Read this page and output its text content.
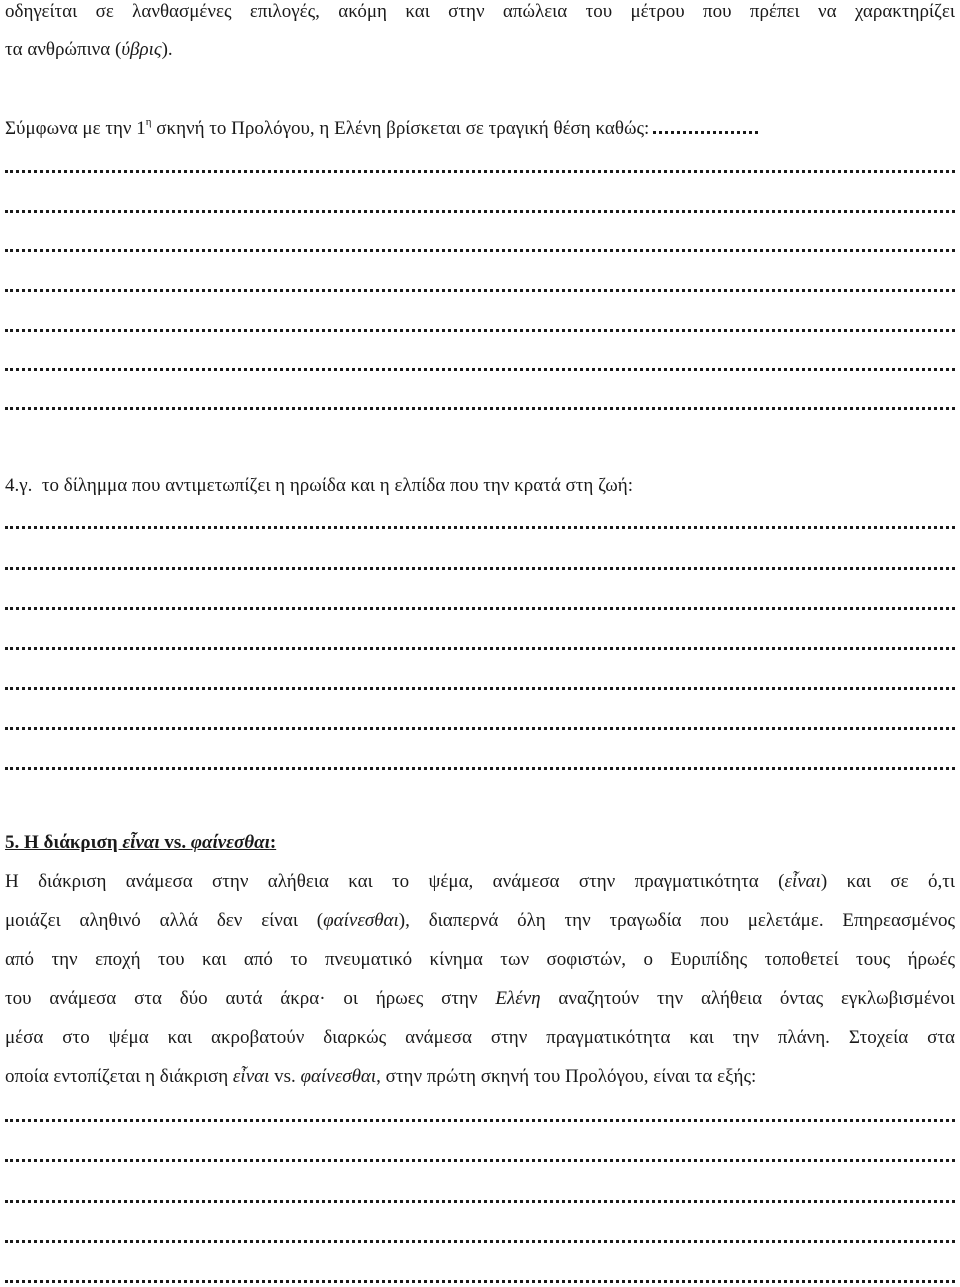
οδηγείται σε λανθασμένες επιλογές, ακόμη και στην απώλεια του μέτρου που πρέπει να χαρακτηρίζει
τα ανθρώπινα (ύβρις).
Σύμφωνα με την $1^\eta$ σκηνή το Προλόγου, η Ελένη βρίσκεται σε τραγική θέση καθώς:
4.γ. το δίλημμα που αντιμετωπίζει η ηρωίδα και η ελπίδα που την κρατά στη ζωή:
5. Η διάκριση εἶναι vs. φαίνεσθαι:
Η διάκριση ανάμεσα στην αλήθεια και το ψέμα, ανάμεσα στην πραγματικότητα (εἶναι) και σε ό,τι
μοιάζει αληθινό αλλά δεν είναι (φαίνεσθαι), διαπερνά όλη την τραγωδία που μελετάμε. Επηρεασμένος
από την εποχή του και από το πνευματικό κίνημα των σοφιστών, ο Ευριπίδης τοποθετεί τους ήρωές
του ανάμεσα στα δύο αυτά άκρα· οι ήρωες στην Ελένη αναζητούν την αλήθεια όντας εγκλωβισμένοι
μέσα στο ψέμα και ακροβατούν διαρκώς ανάμεσα στην πραγματικότητα και την πλάνη. Στοχεία στα
οποία εντοπίζεται η διάκριση εἶναι vs. φαίνεσθαι, στην πρώτη σκηνή του Προλόγου, είναι τα εξής:
